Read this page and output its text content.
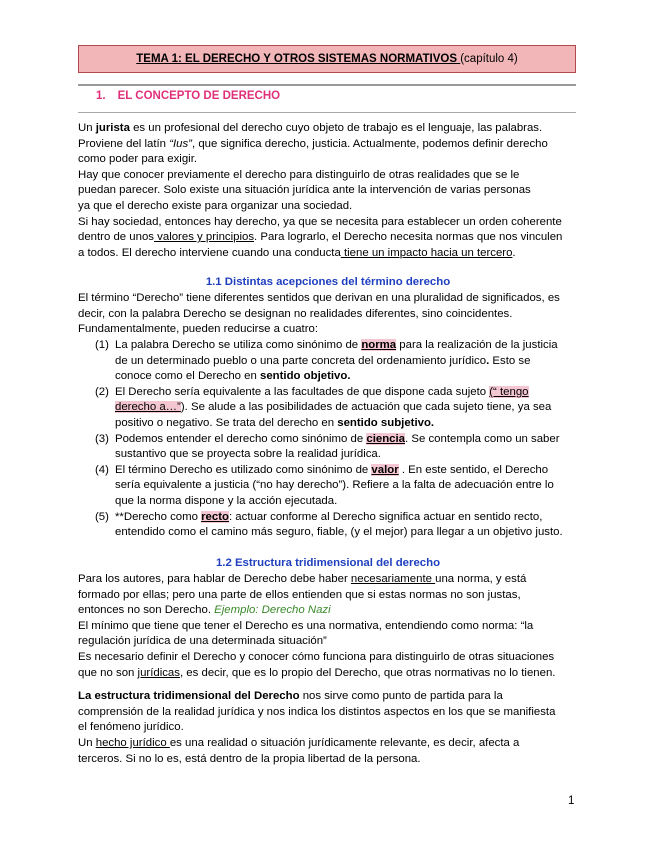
TEMA 1: EL DERECHO Y OTROS SISTEMAS NORMATIVOS (capítulo 4)
1. EL CONCEPTO DE DERECHO

Un jurista es un profesional del derecho cuyo objeto de trabajo es el lenguaje, las palabras.

Proviene del latín “Ius”, que significa derecho, justicia. Actualmente, podemos definir derecho

como poder para exigir.

Hay que conocer previamente el derecho para distinguirlo de otras realidades que se le

puedan parecer. Solo existe una situación jurídica ante la intervención de varias personas

ya que el derecho existe para organizar una sociedad.

Si hay sociedad, entonces hay derecho, ya que se necesita para establecer un orden coherente

dentro de unos valores y principios. Para lograrlo, el Derecho necesita normas que nos vinculen

a todos. El derecho interviene cuando una conducta tiene un impacto hacia un tercero.

1.1 Distintas acepciones del término derecho

El término “Derecho” tiene diferentes sentidos que derivan en una pluralidad de significados, es

decir, con la palabra Derecho se designan no realidades diferentes, sino coincidentes.

Fundamentalmente, pueden reducirse a cuatro:

(1) La palabra Derecho se utiliza como sinónimo de norma para la realización de la justicia
de un determinado pueblo o una parte concreta del ordenamiento jurídico. Esto se
conoce como el Derecho en sentido objetivo.
(2) El Derecho sería equivalente a las facultades de que dispone cada sujeto (“ tengo
derecho a…”). Se alude a las posibilidades de actuación que cada sujeto tiene, ya sea
positivo o negativo. Se trata del derecho en sentido subjetivo.
(3) Podemos entender el derecho como sinónimo de ciencia. Se contempla como un saber
sustantivo que se proyecta sobre la realidad jurídica.
(4) El término Derecho es utilizado como sinónimo de valor . En este sentido, el Derecho
sería equivalente a justicia (“no hay derecho”). Refiere a la falta de adecuación entre lo
que la norma dispone y la acción ejecutada.
(5) **Derecho como recto: actuar conforme al Derecho significa actuar en sentido recto,
entendido como el camino más seguro, fiable, (y el mejor) para llegar a un objetivo justo.
1.2 Estructura tridimensional del derecho

Para los autores, para hablar de Derecho debe haber necesariamente una norma, y está

formado por ellas; pero una parte de ellos entienden que si estas normas no son justas,

entonces no son Derecho. Ejemplo: Derecho Nazi

El mínimo que tiene que tener el Derecho es una normativa, entendiendo como norma: “la

regulación jurídica de una determinada situación”

Es necesario definir el Derecho y conocer cómo funciona para distinguirlo de otras situaciones

que no son jurídicas, es decir, que es lo propio del Derecho, que otras normativas no lo tienen.

La estructura tridimensional del Derecho nos sirve como punto de partida para la

comprensión de la realidad jurídica y nos indica los distintos aspectos en los que se manifiesta

el fenómeno jurídico.

Un hecho jurídico es una realidad o situación jurídicamente relevante, es decir, afecta a

terceros. Si no lo es, está dentro de la propia libertad de la persona.

1
